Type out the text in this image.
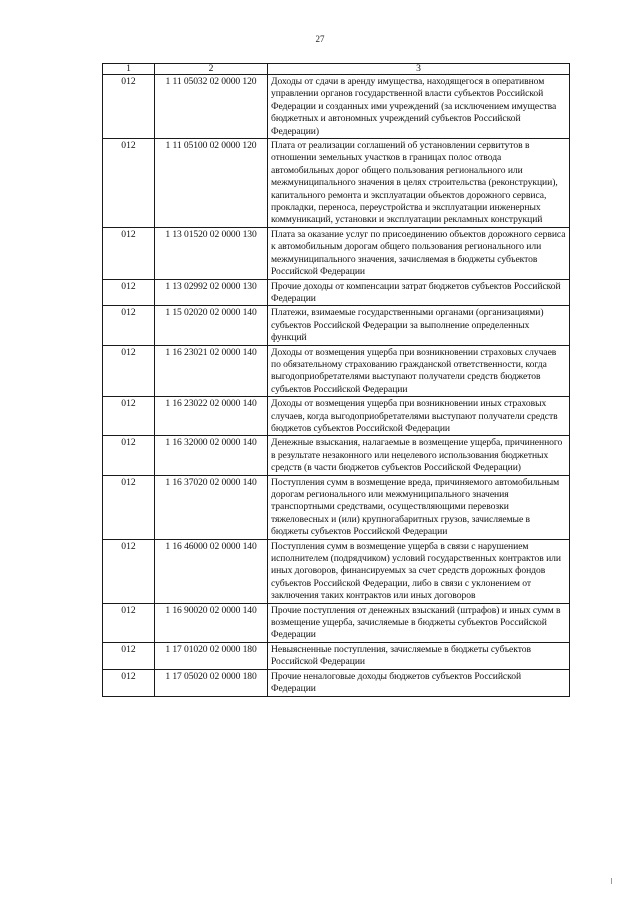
27
1	2	3
012	1 11 05032 02 0000 120	Доходы от сдачи в аренду имущества, находящегося в оперативном управлении органов государственной власти субъектов Российской Федерации и созданных ими учреждений (за исключением имущества бюджетных и автономных учреждений субъектов Российской Федерации)
012	1 11 05100 02 0000 120	Плата от реализации соглашений об установлении сервитутов в отношении земельных участков в границах полос отвода автомобильных дорог общего пользования регионального или межмуниципального значения в целях строительства (реконструкции), капитального ремонта и эксплуатации объектов дорожного сервиса, прокладки, переноса, переустройства и эксплуатации инженерных коммуникаций, установки и эксплуатации рекламных конструкций
012	1 13 01520 02 0000 130	Плата за оказание услуг по присоединению объектов дорожного сервиса к автомобильным дорогам общего пользования регионального или межмуниципального значения, зачисляемая в бюджеты субъектов Российской Федерации
012	1 13 02992 02 0000 130	Прочие доходы от компенсации затрат бюджетов субъектов Российской Федерации
012	1 15 02020 02 0000 140	Платежи, взимаемые государственными органами (организациями) субъектов Российской Федерации за выполнение определенных функций
012	1 16 23021 02 0000 140	Доходы от возмещения ущерба при возникновении страховых случаев по обязательному страхованию гражданской ответственности, когда выгодоприобретателями выступают получатели средств бюджетов субъектов Российской Федерации
012	1 16 23022 02 0000 140	Доходы от возмещения ущерба при возникновении иных страховых случаев, когда выгодоприобретателями выступают получатели средств бюджетов субъектов Российской Федерации
012	1 16 32000 02 0000 140	Денежные взыскания, налагаемые в возмещение ущерба, причиненного в результате незаконного или нецелевого использования бюджетных средств (в части бюджетов субъектов Российской Федерации)
012	1 16 37020 02 0000 140	Поступления сумм в возмещение вреда, причиняемого автомобильным дорогам регионального или межмуниципального значения транспортными средствами, осуществляющими перевозки тяжеловесных и (или) крупногабаритных грузов, зачисляемые в бюджеты субъектов Российской Федерации
012	1 16 46000 02 0000 140	Поступления сумм в возмещение ущерба в связи с нарушением исполнителем (подрядчиком) условий государственных контрактов или иных договоров, финансируемых за счет средств дорожных фондов субъектов Российской Федерации, либо в связи с уклонением от заключения таких контрактов или иных договоров
012	1 16 90020 02 0000 140	Прочие поступления от денежных взысканий (штрафов) и иных сумм в возмещение ущерба, зачисляемые в бюджеты субъектов Российской Федерации
012	1 17 01020 02 0000 180	Невыясненные поступления, зачисляемые в бюджеты субъектов Российской Федерации
012	1 17 05020 02 0000 180	Прочие неналоговые доходы бюджетов субъектов Российской Федерации
